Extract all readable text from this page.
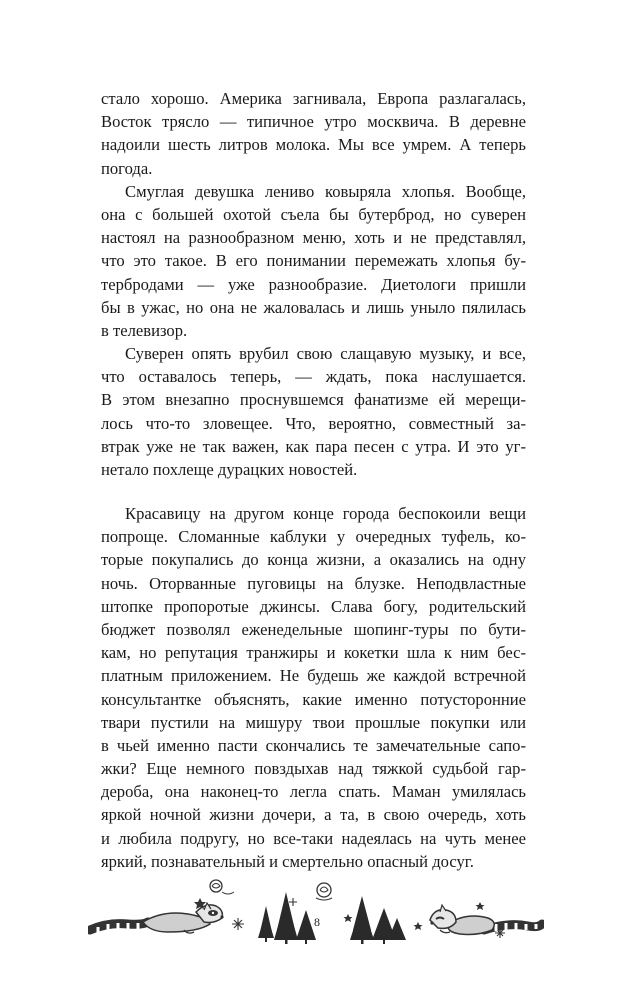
стало хорошо. Америка загнивала, Европа разлагалась,
Восток трясло — типичное утро москвича. В деревне
надоили шесть литров молока. Мы все умрем. А теперь
погода.
Смуглая девушка лениво ковыряла хлопья. Вообще,
она с большей охотой съела бы бутерброд, но суверен
настоял на разнообразном меню, хоть и не представлял,
что это такое. В его понимании перемежать хлопья бу-
тербродами — уже разнообразие. Диетологи пришли
бы в ужас, но она не жаловалась и лишь уныло пялилась
в телевизор.
Суверен опять врубил свою слащавую музыку, и все,
что оставалось теперь, — ждать, пока наслушается.
В этом внезапно проснувшемся фанатизме ей мерещи-
лось что-то зловещее. Что, вероятно, совместный за-
втрак уже не так важен, как пара песен с утра. И это уг-
нетало похлеще дурацких новостей.
Красавицу на другом конце города беспокоили вещи
попроще. Сломанные каблуки у очередных туфель, ко-
торые покупались до конца жизни, а оказались на одну
ночь. Оторванные пуговицы на блузке. Неподвластные
штопке пропоротые джинсы. Слава богу, родительский
бюджет позволял еженедельные шопинг-туры по бути-
кам, но репутация транжиры и кокетки шла к ним бес-
платным приложением. Не будешь же каждой встречной
консультантке объяснять, какие именно потусторонние
твари пустили на мишуру твои прошлые покупки или
в чьей именно пасти скончались те замечательные сапо-
жки? Еще немного повздыхав над тяжкой судьбой гар-
дероба, она наконец-то легла спать. Маман умилялась
яркой ночной жизни дочери, а та, в свою очередь, хоть
и любила подругу, но все-таки надеялась на чуть менее
яркий, познавательный и смертельно опасный досуг.
8
